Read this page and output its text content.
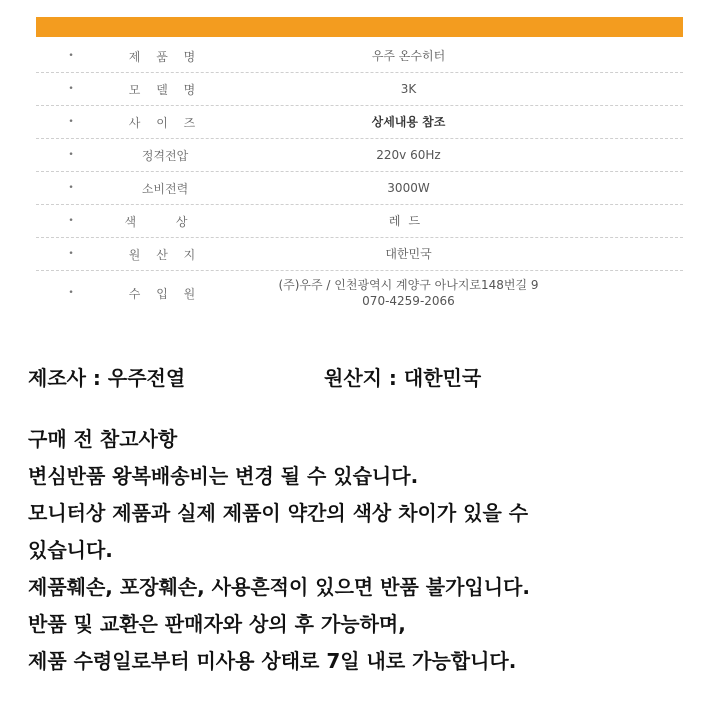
•	제 품 명	우주 온수히터
•	모 델 명	3K
•	사 이 즈	상세내용 참조
•	정격전압	220v 60Hz
•	소비전력	3000W
•	색 상	레드
•	원 산 지	대한민국
•	수 입 원
(주)우주 / 인천광역시 계양구 아나지로148번길 9
070-4259-2066
제조사 : 우주전열	원산지 : 대한민국

구매 전 참고사항

변심반품 왕복배송비는 변경 될 수 있습니다.

모니터상 제품과 실제 제품이 약간의 색상 차이가 있을 수

있습니다.

제품훼손, 포장훼손, 사용흔적이 있으면 반품 불가입니다.

반품 및 교환은 판매자와 상의 후 가능하며,

제품 수령일로부터 미사용 상태로 7일 내로 가능합니다.
